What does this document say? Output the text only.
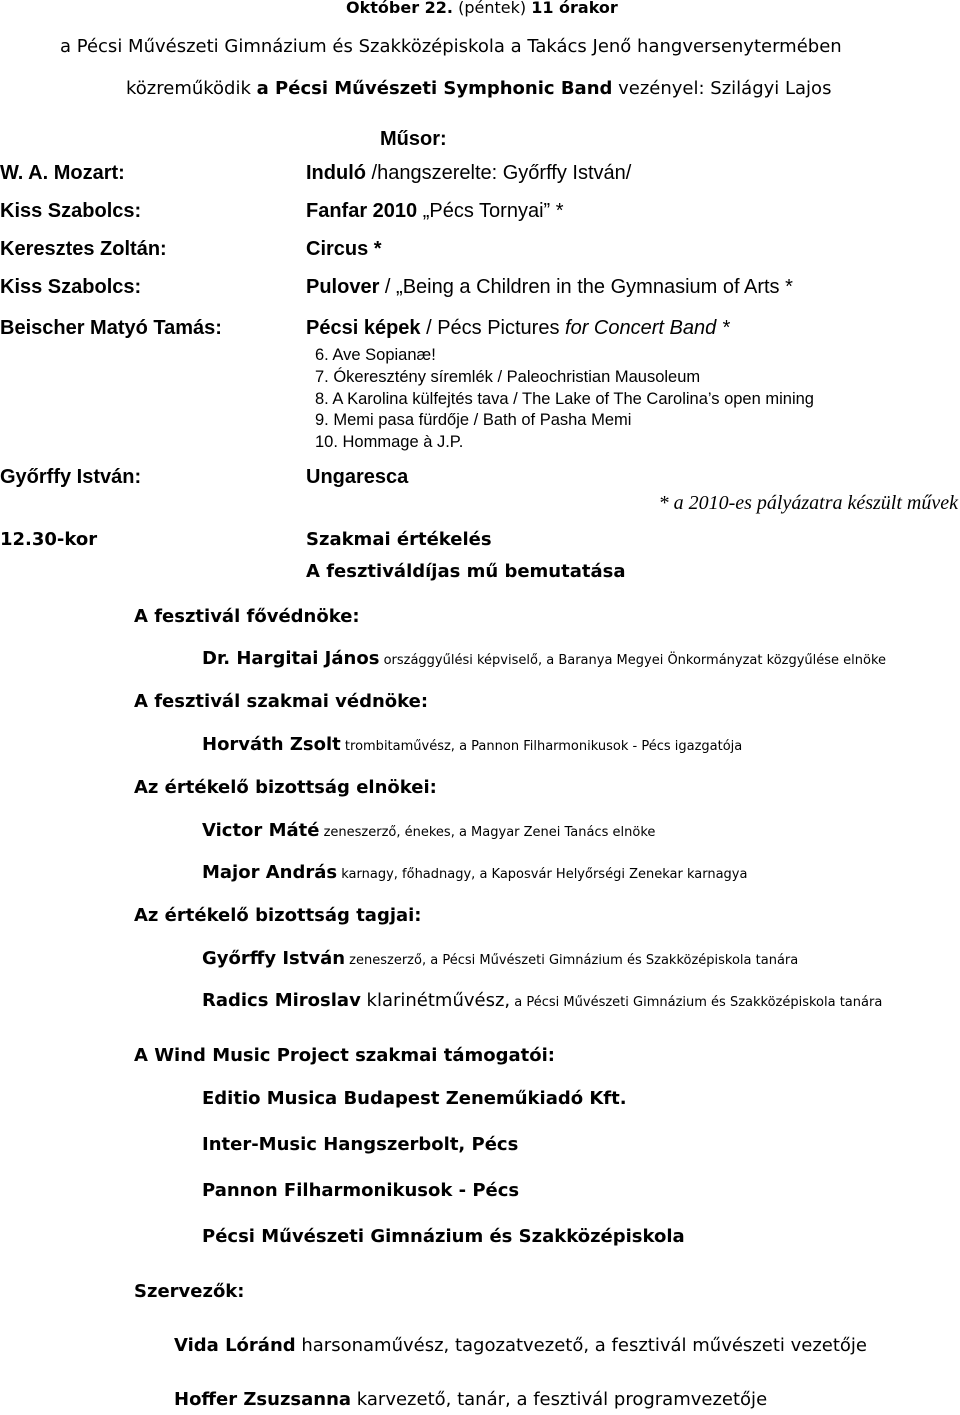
Október 22. (péntek) 11 órakor
a Pécsi Művészeti Gimnázium és Szakközépiskola a Takács Jenő hangversenytermében
közreműködik a Pécsi Művészeti Symphonic Band vezényel: Szilágyi Lajos
Műsor:
W. A. Mozart:	Induló /hangszerelte: Győrffy István/
Kiss Szabolcs:	Fanfar 2010 „Pécs Tornyai” *
Keresztes Zoltán:	Circus *
Kiss Szabolcs:	Pulover / „Being a Children in the Gymnasium of Arts *
Beischer Matyó Tamás:	Pécsi képek / Pécs Pictures for Concert Band *
6. Ave Sopianæ!
7. Ókeresztény síremlék / Paleochristian Mausoleum
8. A Karolina külfejtés tava / The Lake of The Carolina’s open mining
9. Memi pasa fürdője / Bath of Pasha Memi
10. Hommage à J.P.
Győrffy István:	Ungaresca
* a 2010-es pályázatra készült művek
12.30-kor	Szakmai értékelés
A fesztiváldíjas mű bemutatása
A fesztivál fővédnöke:
Dr. Hargitai János országgyűlési képviselő, a Baranya Megyei Önkormányzat közgyűlése elnöke
A fesztivál szakmai védnöke:
Horváth Zsolt trombitaművész, a Pannon Filharmonikusok - Pécs igazgatója
Az értékelő bizottság elnökei:
Victor Máté zeneszerző, énekes, a Magyar Zenei Tanács elnöke
Major András karnagy, főhadnagy, a Kaposvár Helyőrségi Zenekar karnagya
Az értékelő bizottság tagjai:
Győrffy István zeneszerző, a Pécsi Művészeti Gimnázium és Szakközépiskola tanára
Radics Miroslav klarinétművész, a Pécsi Művészeti Gimnázium és Szakközépiskola tanára
A Wind Music Project szakmai támogatói:
Editio Musica Budapest Zeneműkiadó Kft.
Inter-Music Hangszerbolt, Pécs
Pannon Filharmonikusok - Pécs
Pécsi Művészeti Gimnázium és Szakközépiskola
Szervezők:
Vida Lóránd harsonaművész, tagozatvezető, a fesztivál művészeti vezetője
Hoffer Zsuzsanna karvezető, tanár, a fesztivál programvezetője
